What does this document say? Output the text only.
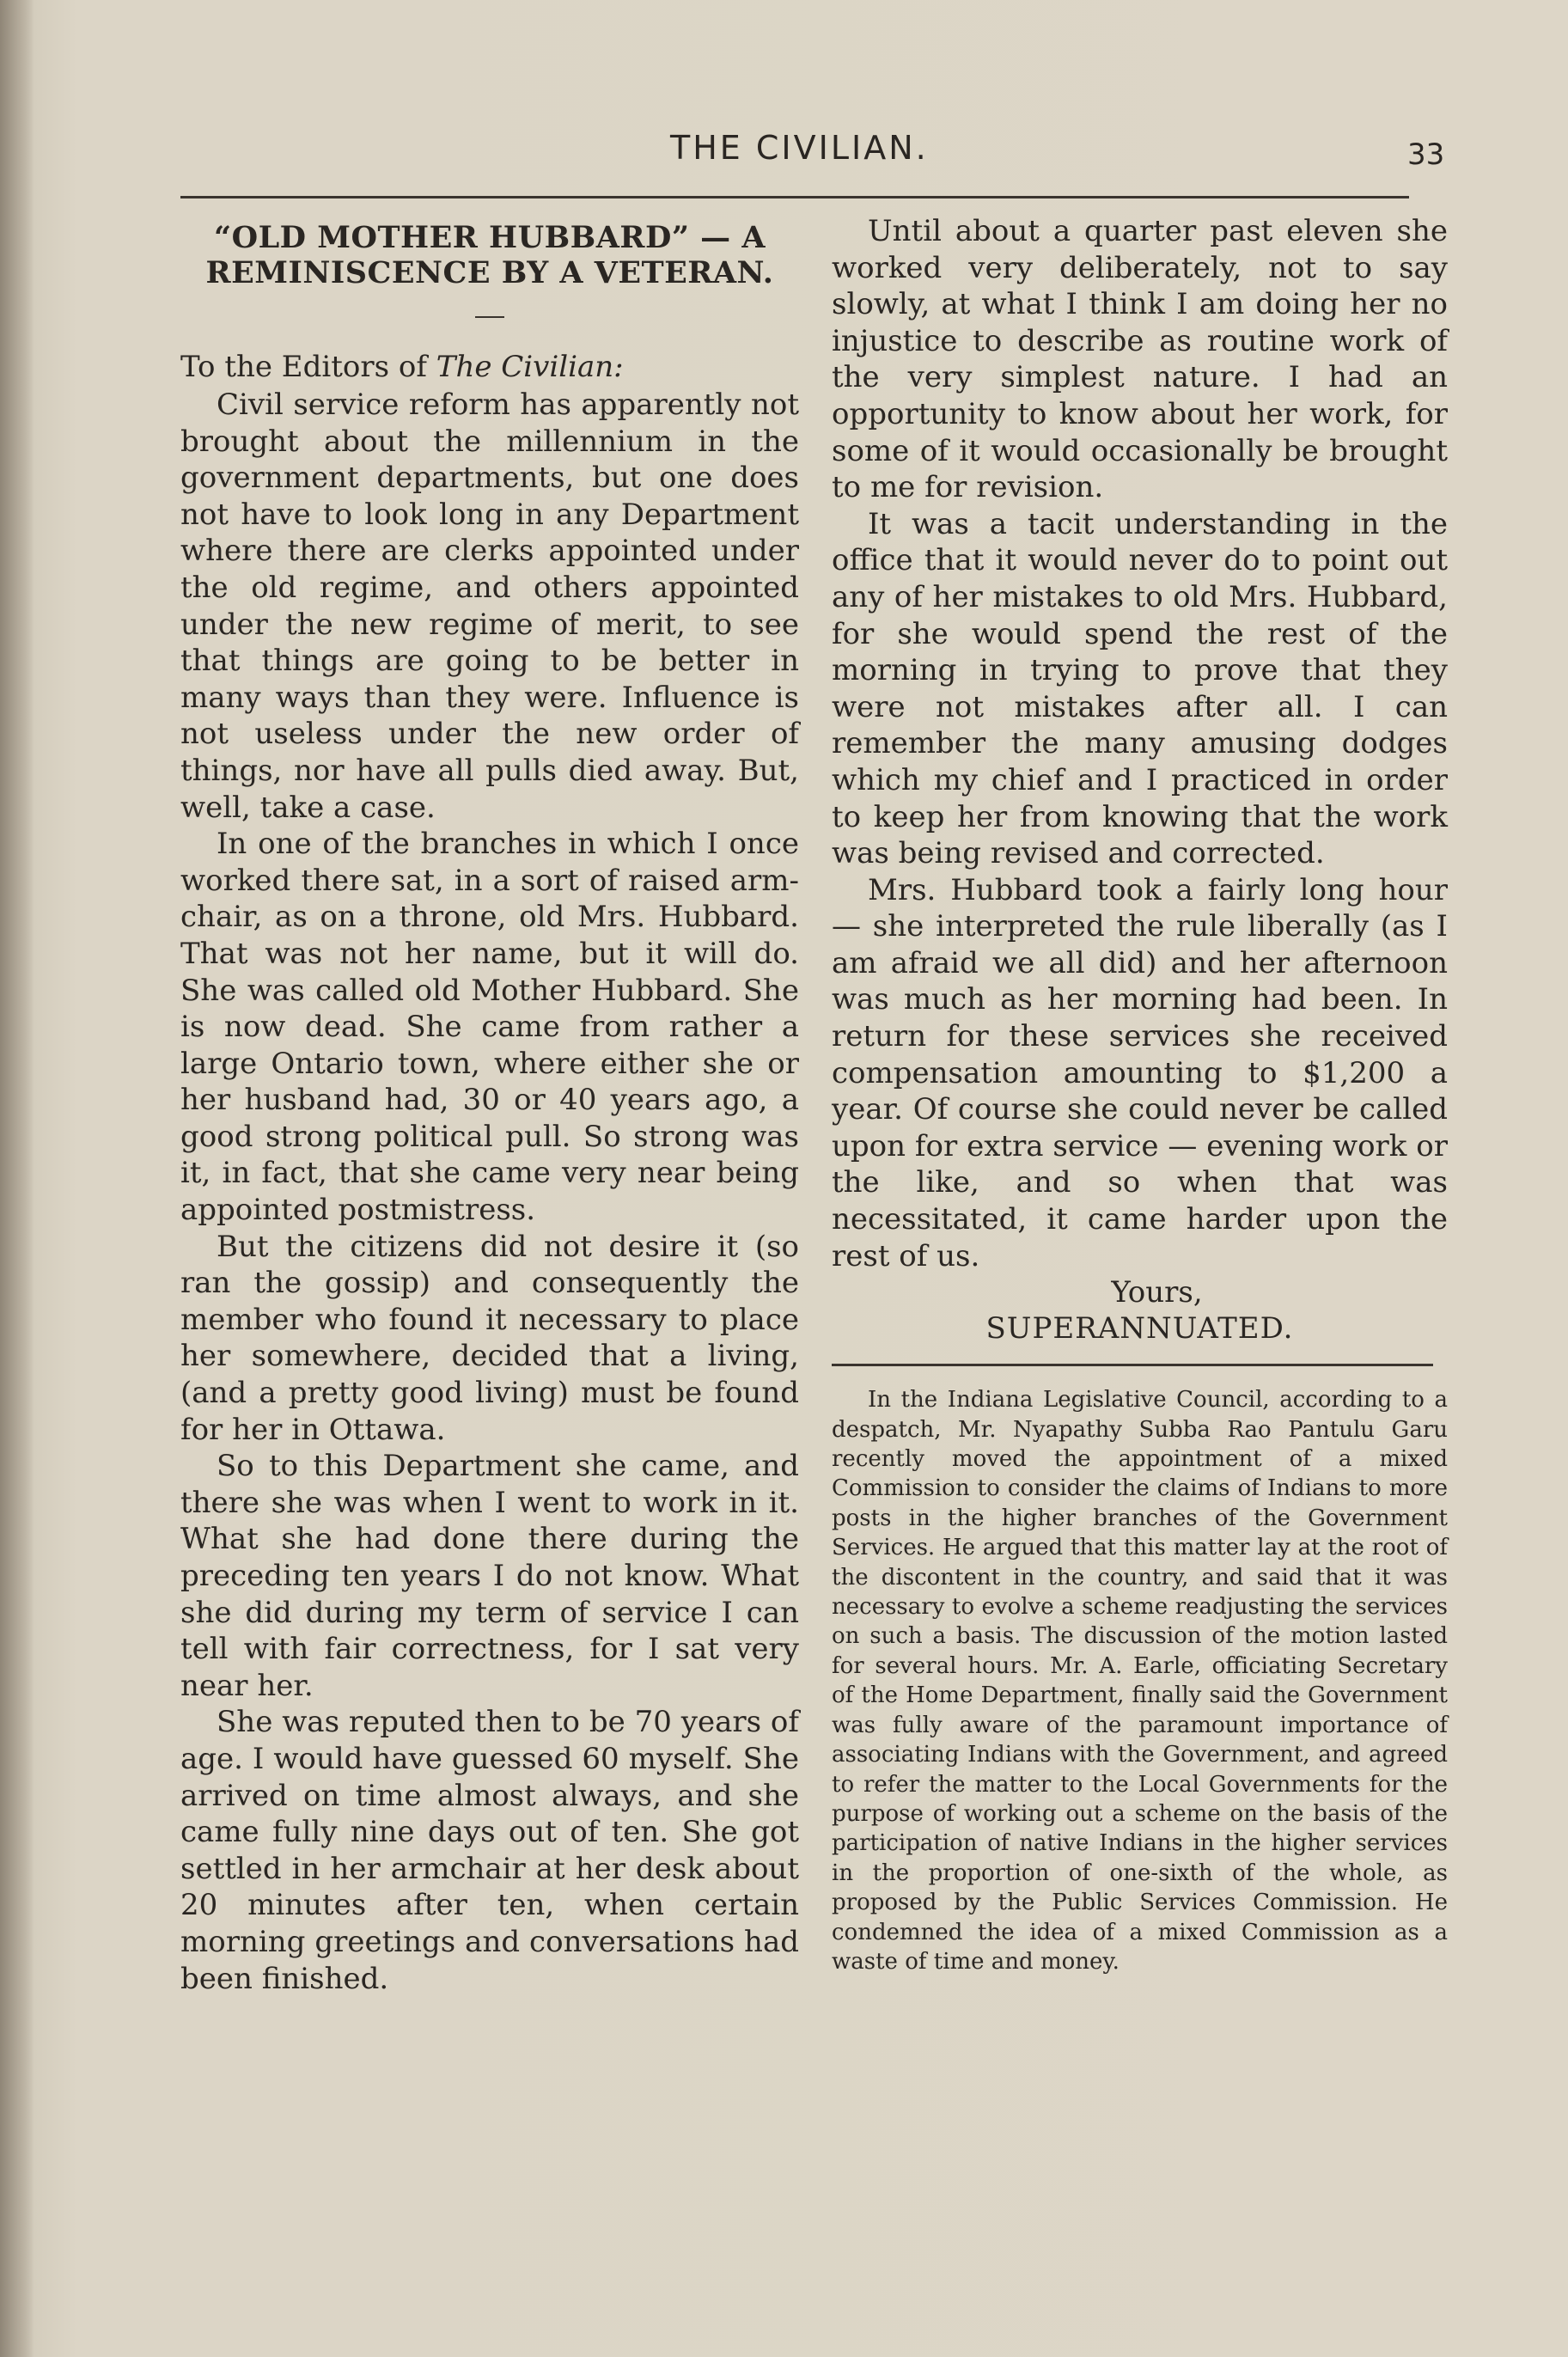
THE CIVILIAN.	33
“OLD MOTHER HUBBARD” — A REMINISCENCE BY A VETERAN.
To the Editors of The Civilian:

Civil service reform has apparently not brought about the millennium in the government departments, but one does not have to look long in any Department where there are clerks appointed under the old regime, and others appointed under the new regime of merit, to see that things are going to be better in many ways than they were. Influence is not useless under the new order of things, nor have all pulls died away. But, well, take a case.

In one of the branches in which I once worked there sat, in a sort of raised arm-chair, as on a throne, old Mrs. Hubbard. That was not her name, but it will do. She was called old Mother Hubbard. She is now dead. She came from rather a large Ontario town, where either she or her husband had, 30 or 40 years ago, a good strong political pull. So strong was it, in fact, that she came very near being appointed postmistress.

But the citizens did not desire it (so ran the gossip) and consequently the member who found it necessary to place her somewhere, decided that a living, (and a pretty good living) must be found for her in Ottawa.

So to this Department she came, and there she was when I went to work in it. What she had done there during the preceding ten years I do not know. What she did during my term of service I can tell with fair correctness, for I sat very near her.

She was reputed then to be 70 years of age. I would have guessed 60 myself. She arrived on time almost always, and she came fully nine days out of ten. She got settled in her armchair at her desk about 20 minutes after ten, when certain morning greetings and conversations had been finished.

Until about a quarter past eleven she worked very deliberately, not to say slowly, at what I think I am doing her no injustice to describe as routine work of the very simplest nature. I had an opportunity to know about her work, for some of it would occasionally be brought to me for revision.

It was a tacit understanding in the office that it would never do to point out any of her mistakes to old Mrs. Hubbard, for she would spend the rest of the morning in trying to prove that they were not mistakes after all. I can remember the many amusing dodges which my chief and I practiced in order to keep her from knowing that the work was being revised and corrected.

Mrs. Hubbard took a fairly long hour — she interpreted the rule liberally (as I am afraid we all did) and her afternoon was much as her morning had been. In return for these services she received compensation amounting to $1,200 a year. Of course she could never be called upon for extra service — evening work or the like, and so when that was necessitated, it came harder upon the rest of us.

Yours,

SUPERANNUATED.

In the Indiana Legislative Council, according to a despatch, Mr. Nyapathy Subba Rao Pantulu Garu recently moved the appointment of a mixed Commission to consider the claims of Indians to more posts in the higher branches of the Government Services. He argued that this matter lay at the root of the discontent in the country, and said that it was necessary to evolve a scheme readjusting the services on such a basis. The discussion of the motion lasted for several hours. Mr. A. Earle, officiating Secretary of the Home Department, finally said the Government was fully aware of the paramount importance of associating Indians with the Government, and agreed to refer the matter to the Local Governments for the purpose of working out a scheme on the basis of the participation of native Indians in the higher services in the proportion of one-sixth of the whole, as proposed by the Public Services Commission. He condemned the idea of a mixed Commission as a waste of time and money.
